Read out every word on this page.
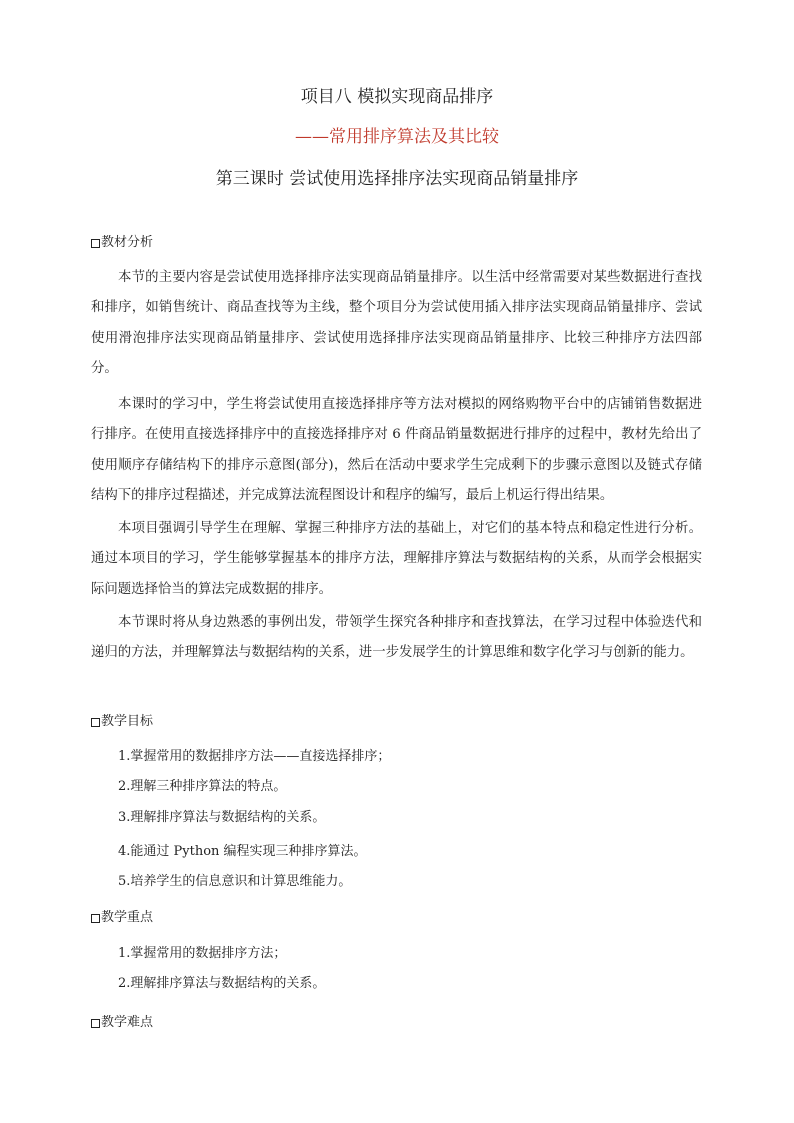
项目八 模拟实现商品排序
——常用排序算法及其比较
第三课时 尝试使用选择排序法实现商品销量排序
教材分析
本节的主要内容是尝试使用选择排序法实现商品销量排序。以生活中经常需要对某些数据进行查找和排序，如销售统计、商品查找等为主线，整个项目分为尝试使用插入排序法实现商品销量排序、尝试使用滑泡排序法实现商品销量排序、尝试使用选择排序法实现商品销量排序、比较三种排序方法四部分。
本课时的学习中，学生将尝试使用直接选择排序等方法对模拟的网络购物平台中的店铺销售数据进行排序。在使用直接选择排序中的直接选择排序对 6 件商品销量数据进行排序的过程中，教材先给出了使用顺序存储结构下的排序示意图(部分)，然后在活动中要求学生完成剩下的步骤示意图以及链式存储结构下的排序过程描述，并完成算法流程图设计和程序的编写，最后上机运行得出结果。
本项目强调引导学生在理解、掌握三种排序方法的基础上，对它们的基本特点和稳定性进行分析。通过本项目的学习，学生能够掌握基本的排序方法，理解排序算法与数据结构的关系，从而学会根据实际问题选择恰当的算法完成数据的排序。
本节课时将从身边熟悉的事例出发，带领学生探究各种排序和查找算法，在学习过程中体验迭代和递归的方法，并理解算法与数据结构的关系，进一步发展学生的计算思维和数字化学习与创新的能力。
教学目标
1.掌握常用的数据排序方法——直接选择排序；
2.理解三种排序算法的特点。
3.理解排序算法与数据结构的关系。
4.能通过 Python 编程实现三种排序算法。
5.培养学生的信息意识和计算思维能力。
教学重点
1.掌握常用的数据排序方法；
2.理解排序算法与数据结构的关系。
教学难点
